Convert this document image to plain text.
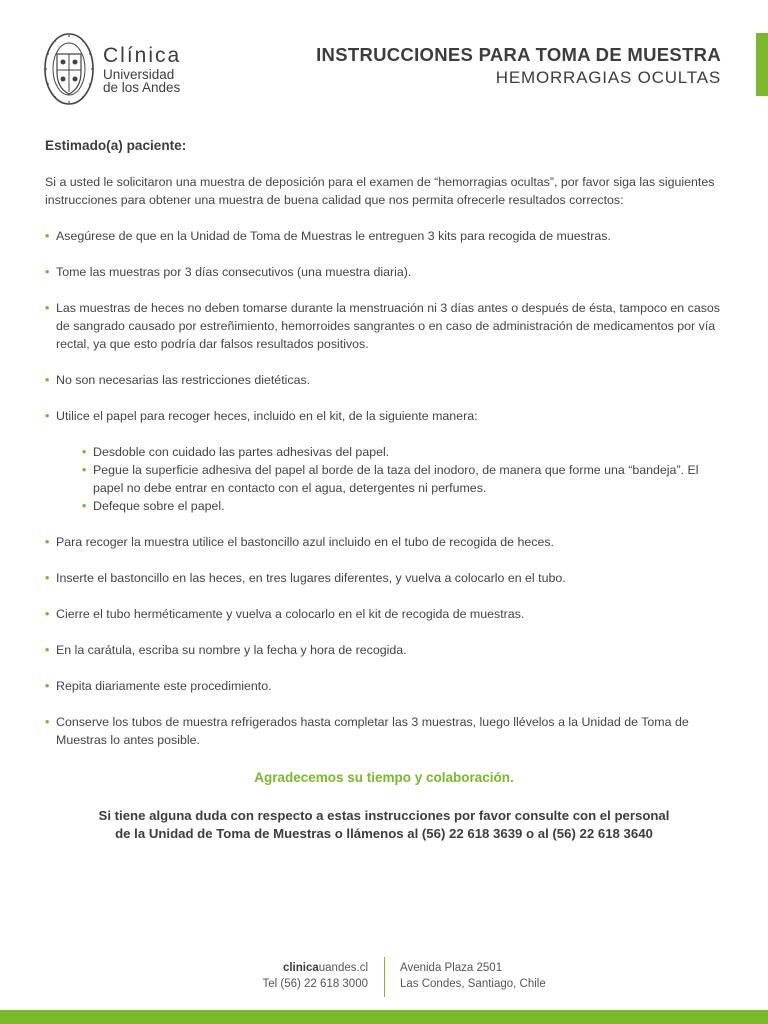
Clínica
Universidad
de los Andes
INSTRUCCIONES PARA TOMA DE MUESTRA
HEMORRAGIAS OCULTAS
Estimado(a) paciente:

Si a usted le solicitaron una muestra de deposición para el examen de “hemorragias ocultas”, por favor siga las siguientes instrucciones para obtener una muestra de buena calidad que nos permita ofrecerle resultados correctos:

• Asegúrese de que en la Unidad de Toma de Muestras le entreguen 3 kits para recogida de muestras.
• Tome las muestras por 3 días consecutivos (una muestra diaria).
• Las muestras de heces no deben tomarse durante la menstruación ni 3 días antes o después de ésta, tampoco en casos de sangrado causado por estreñimiento, hemorroides sangrantes o en caso de administración de medicamentos por vía rectal, ya que esto podría dar falsos resultados positivos.
• No son necesarias las restricciones dietéticas.
• Utilice el papel para recoger heces, incluido en el kit, de la siguiente manera:
• Desdoble con cuidado las partes adhesivas del papel.
• Pegue la superficie adhesiva del papel al borde de la taza del inodoro, de manera que forme una “bandeja”. El papel no debe entrar en contacto con el agua, detergentes ni perfumes.
• Defeque sobre el papel.
• Para recoger la muestra utilice el bastoncillo azul incluido en el tubo de recogida de heces.
• Inserte el bastoncillo en las heces, en tres lugares diferentes, y vuelva a colocarlo en el tubo.
• Cierre el tubo herméticamente y vuelva a colocarlo en el kit de recogida de muestras.
• En la carátula, escriba su nombre y la fecha y hora de recogida.
• Repita diariamente este procedimiento.
• Conserve los tubos de muestra refrigerados hasta completar las 3 muestras, luego llévelos a la Unidad de Toma de Muestras lo antes posible.
Agradecemos su tiempo y colaboración.
Si tiene alguna duda con respecto a estas instrucciones por favor consulte con el personal
de la Unidad de Toma de Muestras o llámenos al (56) 22 618 3639 o al (56) 22 618 3640
clinicauandes.cl
Tel (56) 22 618 3000
Avenida Plaza 2501
Las Condes, Santiago, Chile
